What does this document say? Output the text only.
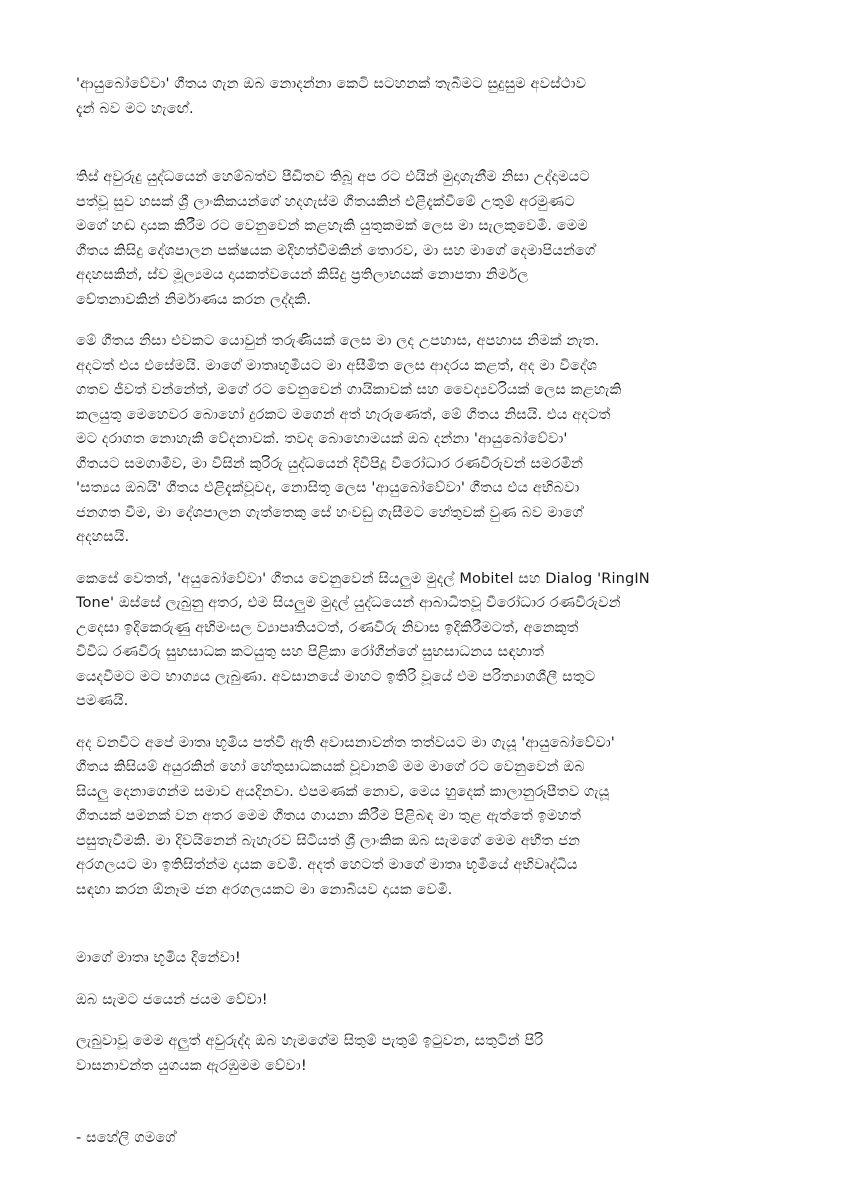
'ආයුබෝවේවා' ගීතය ගැන ඔබ නොදන්නා කෙටි සටහනක් තැබීමට සුදුසුම අවස්ථාව
දැන් බව මට හැඟේ.

තිස් අවුරුදු යුද්ධයෙන් හෙම්බත්ව පීඩිතව තිබූ අප රට එයින් මුදාගැනීම නිසා උද්දාමයට
පත්වූ සුව හසක් ශ්‍රී ලාංකිකයන්ගේ හදගැස්ම ගීතයකින් එළිදැක්වීමේ උතුම් අරමුණට
මගේ හඬ දායක කිරීම රට වෙනුවෙන් කළහැකි යුතුකමක් ලෙස මා සැලකුවෙමි. මෙම
ගීතය කිසිදු දේශපාලන පක්ෂයක මදිහත්වීමකින් තොරව, මා සහ මාගේ දෙමාපියන්ගේ
අදහසකින්, ස්ව මූල්‍යමය දායකත්වයෙන් කිසිදු ප්‍රතිලාභයක් නොපතා නිර්මල
චේතනාවකින් නිර්මාණය කරන ලද්දකි.

මේ ගීතය නිසා එවකට යොවුන් තරුණියක් ලෙස මා ලද උපහාස, අපහාස නිමක් නැත.
අදටත් එය එසේමයි. මාගේ මාතෘභූමියට මා අසීමිත ලෙස ආදරය කළත්, අද මා විදේශ
ගතව ජීවත් වන්නේත්, මගේ රට වෙනුවෙන් ගායිකාවක් සහ වෛද්‍යවරියක් ලෙස කළහැකි
කලයුතු මෙහෙවර බොහෝ දුරකට මගෙන් අත් හැරුණෙත්, මේ ගීතය නිසයි. එය අදටත්
මට දරාගත නොහැකි වේදනාවක්. තවද බොහොමයක් ඔබ දන්නා 'ආයුබෝවේවා'
ගීතයට සමගාමීව, මා විසින් කුරිරු යුද්ධයෙන් දිවිපිදූ වීරෝධාර රණවිරුවන් සමරමින්
'සත්‍යය ඔබයි' ගීතය එළිදැක්වූවද, නොසිතූ ලෙස 'ආයුබෝවේවා' ගීතය එය අභිබවා
ජනගත වීම, මා දේශපාලන ගැත්තෙකු සේ හංවඩු ගැසීමට හේතුවක් වුණ බව මාගේ
අදහසයි.

කෙසේ වෙතත්, 'අයුබෝවේවා' ගීතය වෙනුවෙන් සියලුම මුදල් Mobitel සහ Dialog 'RingIN
Tone' ඔස්සේ ලැබුනු අතර, එම සියලුම මුදල් යුද්ධයෙන් ආබාධිතවූ වීරෝධාර රණවිරුවන්
උදෙසා ඉදිකෙරුණු අභිමංසල ව්‍යාපෘතියටත්, රණවිරු නිවාස ඉදිකිරීමටත්, අනෙකුත්
විවිධ රණවිරු සුභසාධක කටයුතු සහ පිළිකා රෝගීන්ගේ සුභසාධනය සඳහාත්
යෙදවීමට මට භාග්‍යය ලැබුණා. අවසානයේ මාහට ඉතිරි වූයේ එම පරිත්‍යාගශීලී සතුට
පමණයි.

අද වනවිට අපේ මාතෘ භූමිය පත්වී ඇති අවාසනාවන්ත තත්වයට මා ගැයූ 'ආයුබෝවේවා'
ගීතය කිසියම් අයුරකින් හෝ හේතුසාධකයක් වූවානම් මම මාගේ රට වෙනුවෙන් ඔබ
සියලු දෙනාගෙන්ම සමාව අයදිනවා. එපමණක් නොව, මෙය හුදෙක් කාලානුරූපීතව ගැයූ
ගීතයක් පමනක් වන අතර මෙම ගීතය ගායනා කිරීම පිළිබඳ මා තුළ ඇත්තේ ඉමහත්
පසුතැවීමකි. මා දිවයිනෙන් බැහැරව සිටියත් ශ්‍රී ලාංකික ඔබ සැමගේ මෙම අභීත ජන
අරගලයට මා ඉතිසිත්න්ම දායක වෙමි. අදත් හෙටත් මාගේ මාතෘ භූමියේ අභිවෘද්ධිය
සඳහා කරන ඕනෑම ජන අරගලයකට මා නොබියව දායක වෙමි.

මාගේ මාතෘ භූමිය දිනේවා!

ඔබ සැමට ජයෙන් ජයම වේවා!

ලැබුවාවූ මෙම අලුත් අවුරුද්ද ඔබ හැමගේම සිතුම් පැතුම් ඉටුවන, සතුටින් පිරි
වාසනාවන්ත යුගයක ඇරඹුමම වේවා!

- සහේලි ගමගේ
